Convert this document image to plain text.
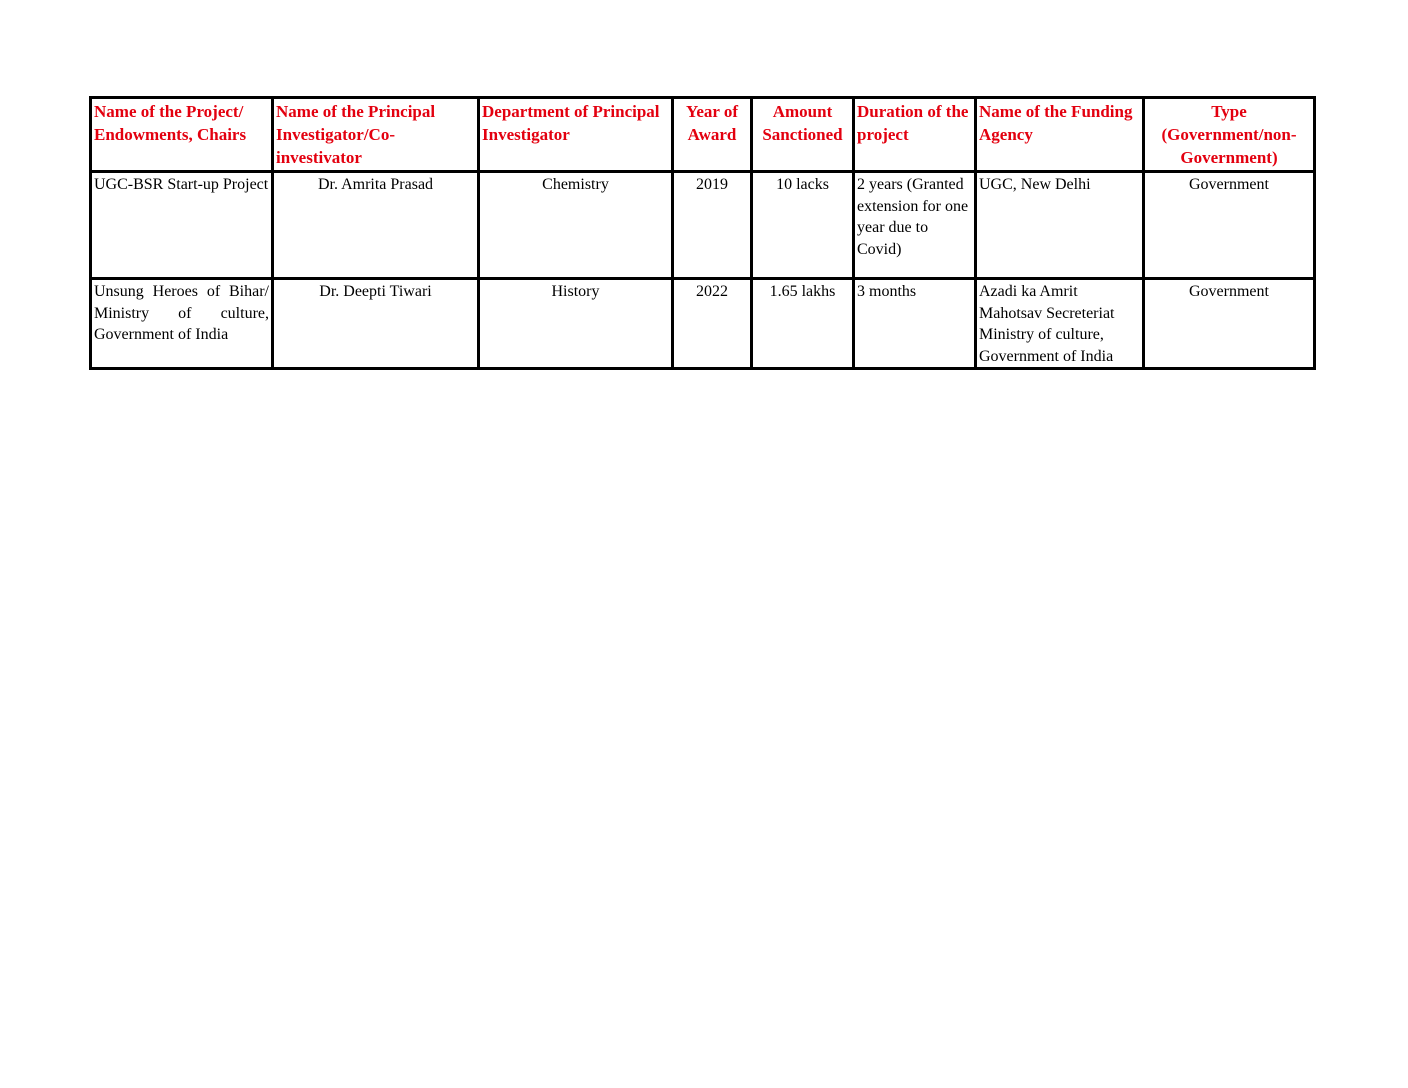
Name of the Project/ Endowments, Chairs	Name of the Principal Investigator/Co-investivator	Department of Principal Investigator	Year of Award	Amount Sanctioned	Duration of the project	Name of the Funding Agency	Type (Government/non-Government)
UGC-BSR Start-up Project	Dr. Amrita Prasad	Chemistry	2019	10 lacks	2 years (Granted extension for one year due to Covid)	UGC, New Delhi	Government
Unsung Heroes of Bihar/ Ministry of culture, Government of India	Dr. Deepti Tiwari	History	2022	1.65 lakhs	3 months	Azadi ka Amrit Mahotsav Secreteriat Ministry of culture, Government of India	Government
